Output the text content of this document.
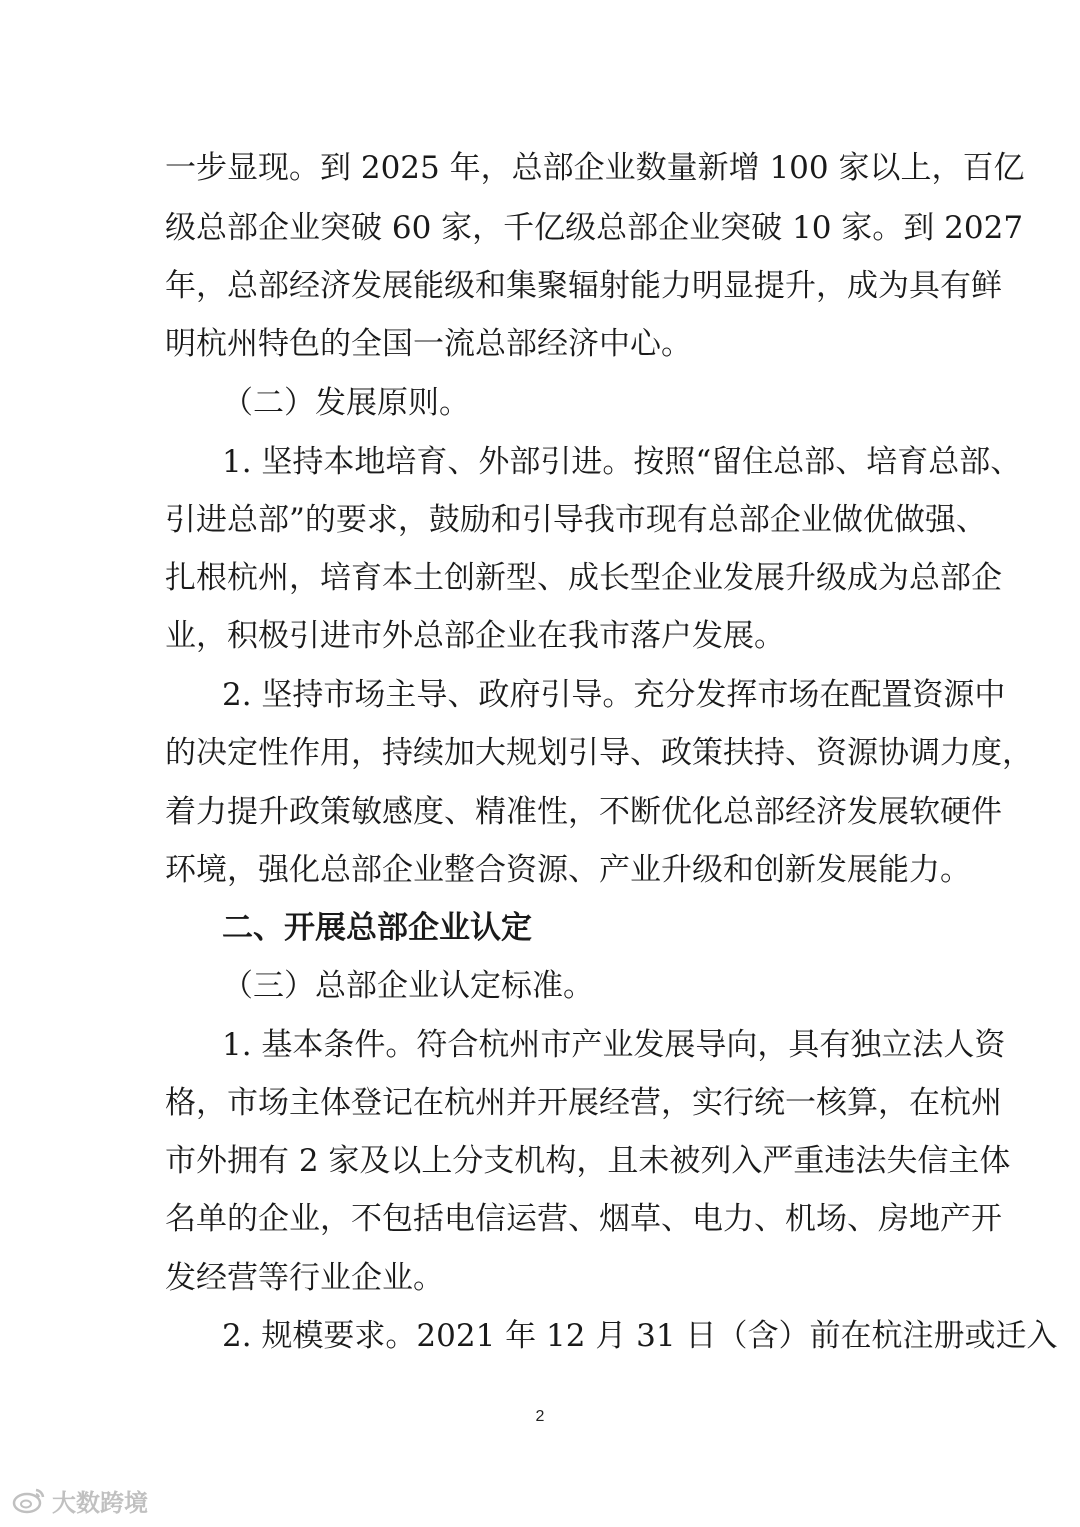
一步显现。到 2025 年，总部企业数量新增 100 家以上，百亿
级总部企业突破 60 家，千亿级总部企业突破 10 家。到 2027
年，总部经济发展能级和集聚辐射能力明显提升，成为具有鲜
明杭州特色的全国一流总部经济中心。
（二）发展原则。
1. 坚持本地培育、外部引进。按照“留住总部、培育总部、
引进总部”的要求，鼓励和引导我市现有总部企业做优做强、
扎根杭州，培育本土创新型、成长型企业发展升级成为总部企
业，积极引进市外总部企业在我市落户发展。
2. 坚持市场主导、政府引导。充分发挥市场在配置资源中
的决定性作用，持续加大规划引导、政策扶持、资源协调力度，
着力提升政策敏感度、精准性，不断优化总部经济发展软硬件
环境，强化总部企业整合资源、产业升级和创新发展能力。
二、开展总部企业认定
（三）总部企业认定标准。
1. 基本条件。符合杭州市产业发展导向，具有独立法人资
格，市场主体登记在杭州并开展经营，实行统一核算，在杭州
市外拥有 2 家及以上分支机构，且未被列入严重违法失信主体
名单的企业，不包括电信运营、烟草、电力、机场、房地产开
发经营等行业企业。
2. 规模要求。2021 年 12 月 31 日（含）前在杭注册或迁入
2
大数跨境
